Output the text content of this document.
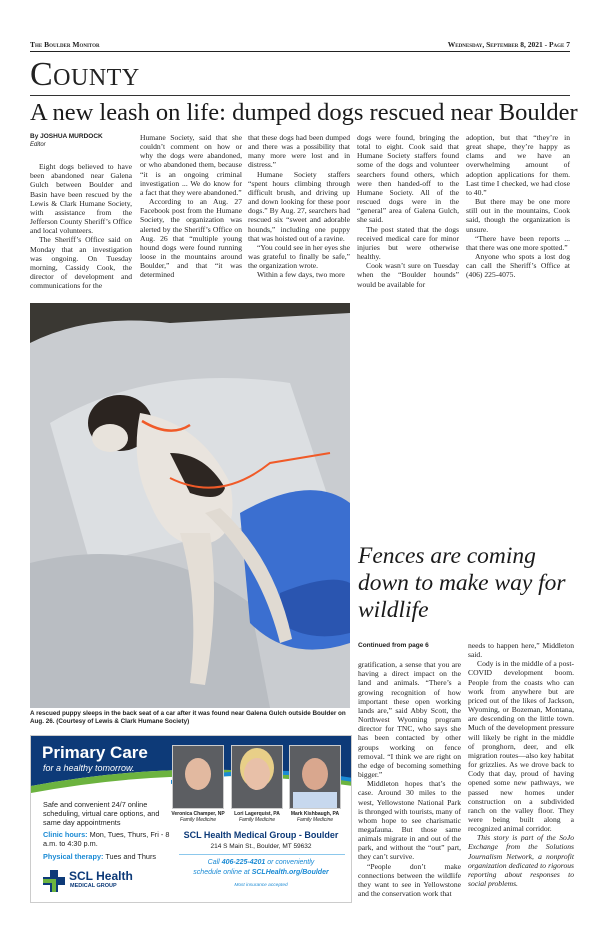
The Boulder Monitor	Wednesday, September 8, 2021 - Page 7
County
A new leash on life: dumped dogs rescued near Boulder
By JOSHUA MURDOCK
Editor

Eight dogs believed to have been abandoned near Galena Gulch between Boulder and Basin have been rescued by the Lewis & Clark Humane Society, with assistance from the Jefferson County Sheriff’s Office and local volunteers.

The Sheriff’s Office said on Monday that an investigation was ongoing. On Tuesday morning, Cassidy Cook, the director of development and communications for the

Humane Society, said that she couldn’t comment on how or why the dogs were abandoned, or who abandoned them, because “it is an ongoing criminal investigation ... We do know for a fact that they were abandoned.”

According to an Aug. 27 Facebook post from the Humane Society, the organization was alerted by the Sheriff’s Office on Aug. 26 that “multiple young hound dogs were found running loose in the mountains around Boulder,” and that “it was determined

that these dogs had been dumped and there was a possibility that many more were lost and in distress.”

Humane Society staffers “spent hours climbing through difficult brush, and driving up and down looking for these poor dogs.” By Aug. 27, searchers had rescued six “sweet and adorable hounds,” including one puppy that was hoisted out of a ravine.

“You could see in her eyes she was grateful to finally be safe,” the organization wrote.

Within a few days, two more

dogs were found, bringing the total to eight. Cook said that Humane Society staffers found some of the dogs and volunteer searchers found others, which were then handed-off to the Humane Society. All of the rescued dogs were in the “general” area of Galena Gulch, she said.

The post stated that the dogs received medical care for minor injuries but were otherwise healthy.

Cook wasn’t sure on Tuesday when the “Boulder hounds” would be available for

adoption, but that “they’re in great shape, they’re happy as clams and we have an overwhelming amount of adoption applications for them. Last time I checked, we had close to 40.”

But there may be one more still out in the mountains, Cook said, though the organization is unsure.

“There have been reports ... that there was one more spotted.”

Anyone who spots a lost dog can call the Sheriff’s Office at (406) 225-4075.

A rescued puppy sleeps in the back seat of a car after it was found near Galena Gulch outside Boulder on Aug. 26. (Courtesy of Lewis & Clark Humane Society)
Primary Care
for a healthy tomorrow.
Safe and convenient 24/7 online scheduling, virtual care options, and same day appointments
Clinic hours: Mon, Tues, Thurs, Fri - 8 a.m. to 4:30 p.m.
Physical therapy: Tues and Thurs
SCL Health
MEDICAL GROUP
Veronica Champer, NP
Family Medicine
Lori Lagerquist, PA
Family Medicine
Mark Kishbaugh, PA
Family Medicine
SCL Health Medical Group - Boulder
214 S Main St., Boulder, MT 59632
Call 406-225-4201 or conveniently
schedule online at SCLHealth.org/Boulder
Most insurance accepted
Fences are coming down to make way for wildlife
Continued from page 6

gratification, a sense that you are having a direct impact on the land and animals. “There’s a growing recognition of how important these open working lands are,” said Abby Scott, the Northwest Wyoming program director for TNC, who says she has been contacted by other groups working on fence removal. “I think we are right on the edge of becoming something bigger.”

Middleton hopes that’s the case. Around 30 miles to the west, Yellowstone National Park is thronged with tourists, many of whom hope to see charismatic megafauna. But those same animals migrate in and out of the park, and without the “out” part, they can’t survive.

“People don’t make connections between the wildlife they want to see in Yellowstone and the conservation work that

needs to happen here,” Middleton said.

Cody is in the middle of a post-COVID development boom. People from the coasts who can work from anywhere but are priced out of the likes of Jackson, Wyoming, or Bozeman, Montana, are descending on the little town. Much of the development pressure will likely be right in the middle of pronghorn, deer, and elk migration routes—also key habitat for grizzlies. As we drove back to Cody that day, proud of having opened some new pathways, we passed new homes under construction on a subdivided ranch on the valley floor. They were being built along a recognized animal corridor.

This story is part of the SoJo Exchange from the Solutions Journalism Network, a nonprofit organization dedicated to rigorous reporting about responses to social problems.
